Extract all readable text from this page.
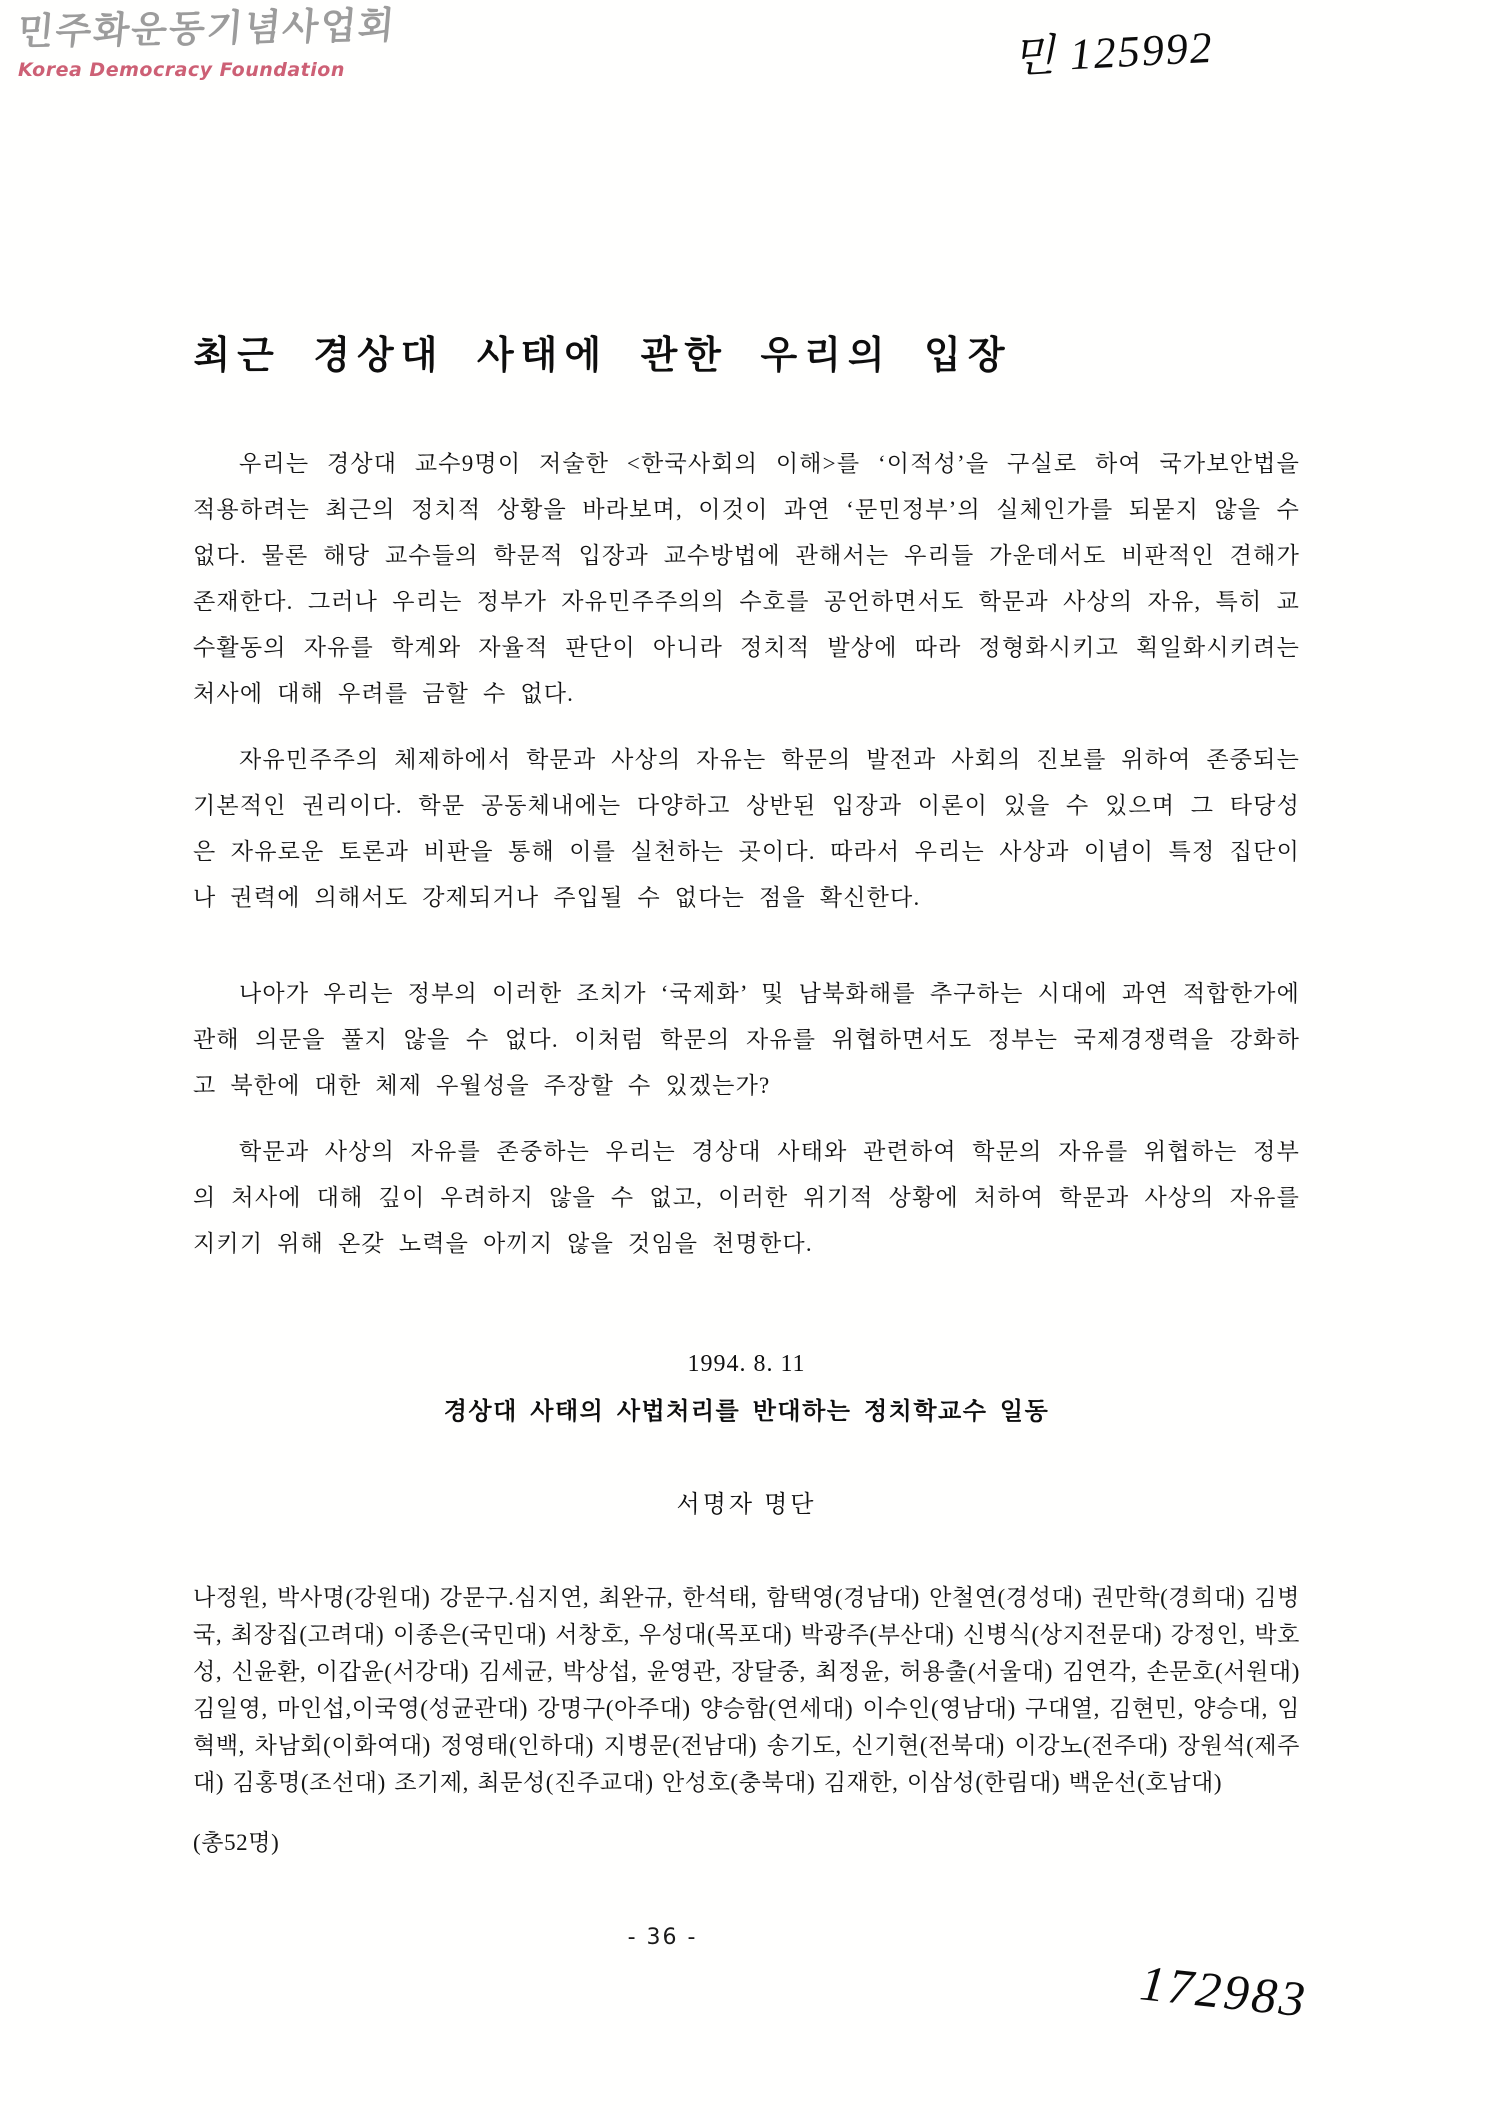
민주화운동기념사업회
Korea Democracy Foundation	민 125992
최근 경상대 사태에 관한 우리의 입장

우리는 경상대 교수9명이 저술한 <한국사회의 이해>를 ‘이적성’을 구실로 하여 국가보안법을 적용하려는 최근의 정치적 상황을 바라보며, 이것이 과연 ‘문민정부’의 실체인가를 되묻지 않을 수 없다. 물론 해당 교수들의 학문적 입장과 교수방법에 관해서는 우리들 가운데서도 비판적인 견해가 존재한다. 그러나 우리는 정부가 자유민주주의의 수호를 공언하면서도 학문과 사상의 자유, 특히 교수활동의 자유를 학계와 자율적 판단이 아니라 정치적 발상에 따라 정형화시키고 획일화시키려는 처사에 대해 우려를 금할 수 없다.

자유민주주의 체제하에서 학문과 사상의 자유는 학문의 발전과 사회의 진보를 위하여 존중되는 기본적인 권리이다. 학문 공동체내에는 다양하고 상반된 입장과 이론이 있을 수 있으며 그 타당성은 자유로운 토론과 비판을 통해 이를 실천하는 곳이다. 따라서 우리는 사상과 이념이 특정 집단이나 권력에 의해서도 강제되거나 주입될 수 없다는 점을 확신한다.

나아가 우리는 정부의 이러한 조치가 ‘국제화’ 및 남북화해를 추구하는 시대에 과연 적합한가에 관해 의문을 풀지 않을 수 없다. 이처럼 학문의 자유를 위협하면서도 정부는 국제경쟁력을 강화하고 북한에 대한 체제 우월성을 주장할 수 있겠는가?

학문과 사상의 자유를 존중하는 우리는 경상대 사태와 관련하여 학문의 자유를 위협하는 정부의 처사에 대해 깊이 우려하지 않을 수 없고, 이러한 위기적 상황에 처하여 학문과 사상의 자유를 지키기 위해 온갖 노력을 아끼지 않을 것임을 천명한다.

1994. 8. 11
경상대 사태의 사법처리를 반대하는 정치학교수 일동
서명자 명단

나정원, 박사명(강원대) 강문구.심지연, 최완규, 한석태, 함택영(경남대) 안철연(경성대) 권만학(경희대) 김병국, 최장집(고려대) 이종은(국민대) 서창호, 우성대(목포대) 박광주(부산대) 신병식(상지전문대) 강정인, 박호성, 신윤환, 이갑윤(서강대) 김세균, 박상섭, 윤영관, 장달중, 최정윤, 허용출(서울대) 김연각, 손문호(서원대) 김일영, 마인섭,이국영(성균관대) 강명구(아주대) 양승함(연세대) 이수인(영남대) 구대열, 김현민, 양승대, 임혁백, 차남회(이화여대) 정영태(인하대) 지병문(전남대) 송기도, 신기현(전북대) 이강노(전주대) 장원석(제주대) 김홍명(조선대) 조기제, 최문성(진주교대) 안성호(충북대) 김재한, 이삼성(한림대) 백운선(호남대)

(총52명)
- 36 -
172983
